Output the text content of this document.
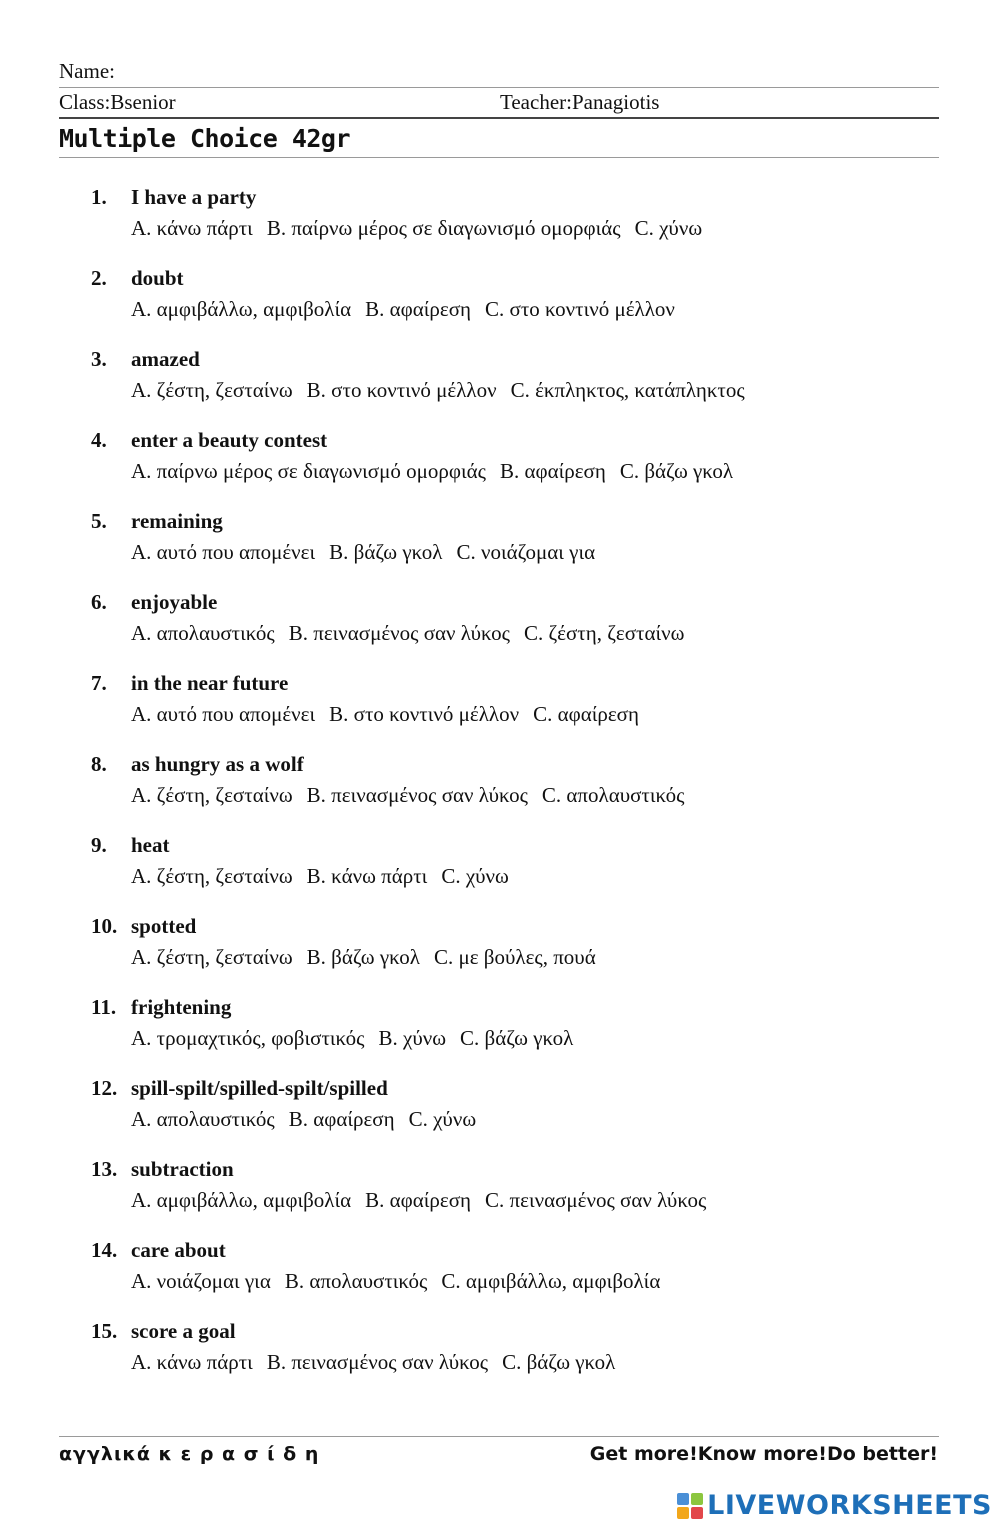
Name:
Class:Bsenior	Teacher:Panagiotis
Multiple Choice 42gr
1. I have a party
A. κάνω πάρτι B. παίρνω μέρος σε διαγωνισμό ομορφιάς C. χύνω
2. doubt
A. αμφιβάλλω, αμφιβολία B. αφαίρεση C. στο κοντινό μέλλον
3. amazed
A. ζέστη, ζεσταίνω B. στο κοντινό μέλλον C. έκπληκτος, κατάπληκτος
4. enter a beauty contest
A. παίρνω μέρος σε διαγωνισμό ομορφιάς B. αφαίρεση C. βάζω γκολ
5. remaining
A. αυτό που απομένει B. βάζω γκολ C. νοιάζομαι για
6. enjoyable
A. απολαυστικός B. πεινασμένος σαν λύκος C. ζέστη, ζεσταίνω
7. in the near future
A. αυτό που απομένει B. στο κοντινό μέλλον C. αφαίρεση
8. as hungry as a wolf
A. ζέστη, ζεσταίνω B. πεινασμένος σαν λύκος C. απολαυστικός
9. heat
A. ζέστη, ζεσταίνω B. κάνω πάρτι C. χύνω
10. spotted
A. ζέστη, ζεσταίνω B. βάζω γκολ C. με βούλες, πουά
11. frightening
A. τρομαχτικός, φοβιστικός B. χύνω C. βάζω γκολ
12. spill-spilt/spilled-spilt/spilled
A. απολαυστικός B. αφαίρεση C. χύνω
13. subtraction
A. αμφιβάλλω, αμφιβολία B. αφαίρεση C. πεινασμένος σαν λύκος
14. care about
A. νοιάζομαι για B. απολαυστικός C. αμφιβάλλω, αμφιβολία
15. score a goal
A. κάνω πάρτι B. πεινασμένος σαν λύκος C. βάζω γκολ
αγγλικά κ ε ρ α σ ί δ η	Get more!Know more!Do better!
LIVEWORKSHEETS
